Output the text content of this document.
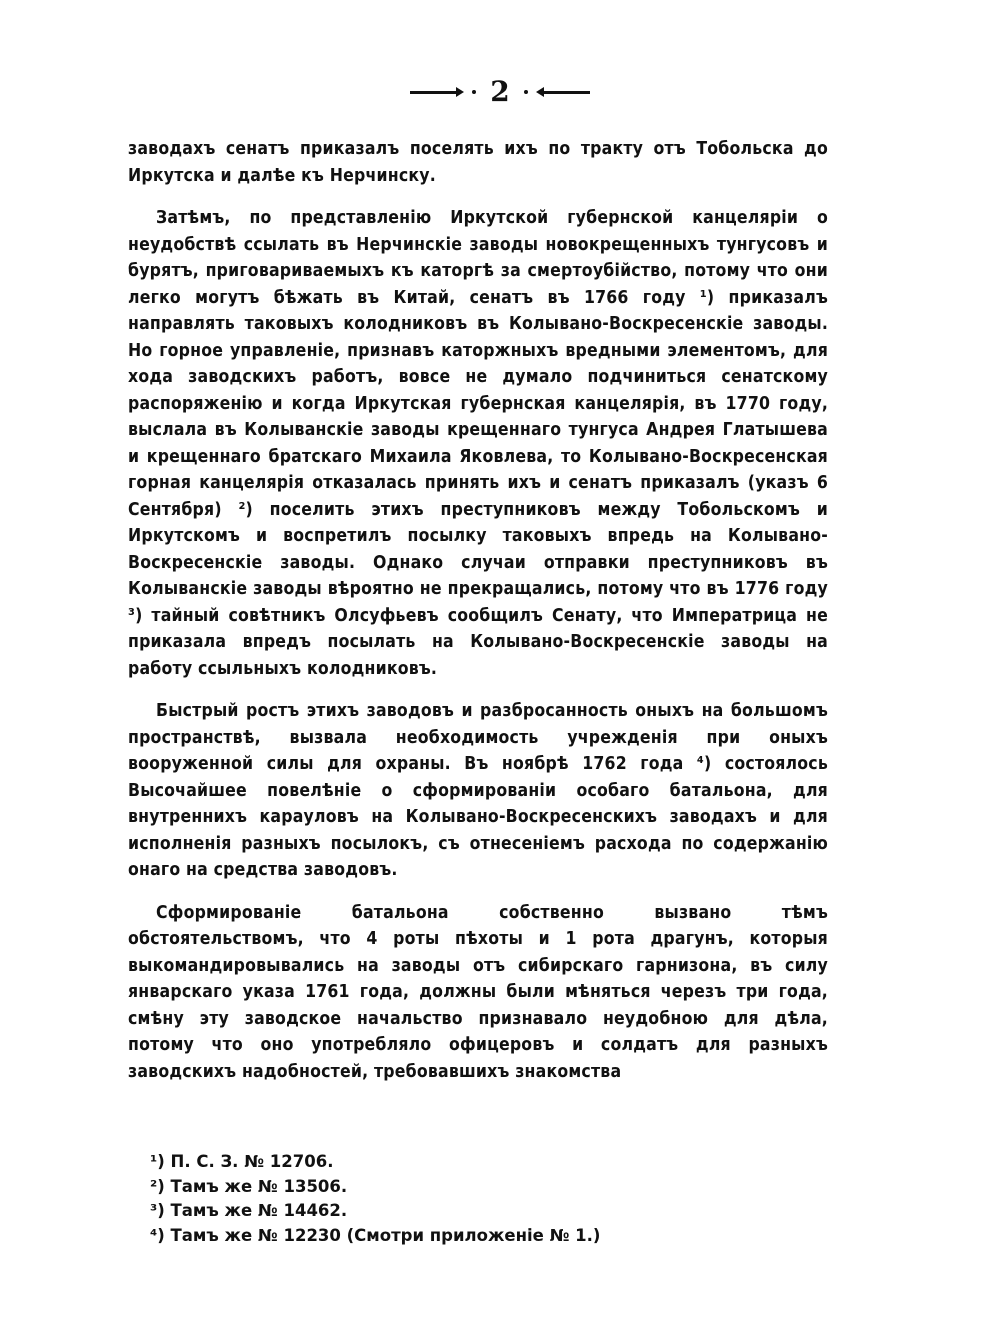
2

заводахъ сенатъ приказалъ поселять ихъ по тракту отъ Тобольска до Иркутска и далѣе къ Нерчинску.

Затѣмъ, по представленію Иркутской губернской канцеляріи о неудобствѣ ссылать въ Нерчинскіе заводы новокрещенныхъ тунгусовъ и бурятъ, приговариваемыхъ къ каторгѣ за смертоубійство, потому что они легко могутъ бѣжать въ Китай, сенатъ въ 1766 году ¹) приказалъ направлять таковыхъ колодниковъ въ Колывано-Воскресенскіе заводы. Но горное управленіе, признавъ каторжныхъ вредными элементомъ, для хода заводскихъ работъ, вовсе не думало подчиниться сенатскому распоряженію и когда Иркутская губернская канцелярія, въ 1770 году, выслала въ Колыванскіе заводы крещеннаго тунгуса Андрея Глатышева и крещеннаго братскаго Михаила Яковлева, то Колывано-Воскресенская горная канцелярія отказалась принять ихъ и сенатъ приказалъ (указъ 6 Сентября) ²) поселить этихъ преступниковъ между Тобольскомъ и Иркутскомъ и воспретилъ посылку таковыхъ впредь на Колывано-Воскресенскіе заводы. Однако случаи отправки преступниковъ въ Колыванскіе заводы вѣроятно не прекращались, потому что въ 1776 году ³) тайный совѣтникъ Олсуфьевъ сообщилъ Сенату, что Императрица не приказала впредъ посылать на Колывано-Воскресенскіе заводы на работу ссыльныхъ колодниковъ.

Быстрый ростъ этихъ заводовъ и разбросанность оныхъ на большомъ пространствѣ, вызвала необходимость учрежденія при оныхъ вооруженной силы для охраны. Въ ноябрѣ 1762 года ⁴) состоялось Высочайшее повелѣніе о сформированіи особаго батальона, для внутреннихъ карауловъ на Колывано-Воскресенскихъ заводахъ и для исполненія разныхъ посылокъ, съ отнесеніемъ расхода по содержанію онаго на средства заводовъ.

Сформированіе батальона собственно вызвано тѣмъ обстоятельствомъ, что 4 роты пѣхоты и 1 рота драгунъ, которыя выкомандировывались на заводы отъ сибирскаго гарнизона, въ силу январскаго указа 1761 года, должны были мѣняться черезъ три года, смѣну эту заводское начальство признавало неудобною для дѣла, потому что оно употребляло офицеровъ и солдатъ для разныхъ заводскихъ надобностей, требовавшихъ знакомства

¹) П. С. З. № 12706.
²) Тамъ же № 13506.
³) Тамъ же № 14462.
⁴) Тамъ же № 12230 (Смотри приложеніе № 1.)
